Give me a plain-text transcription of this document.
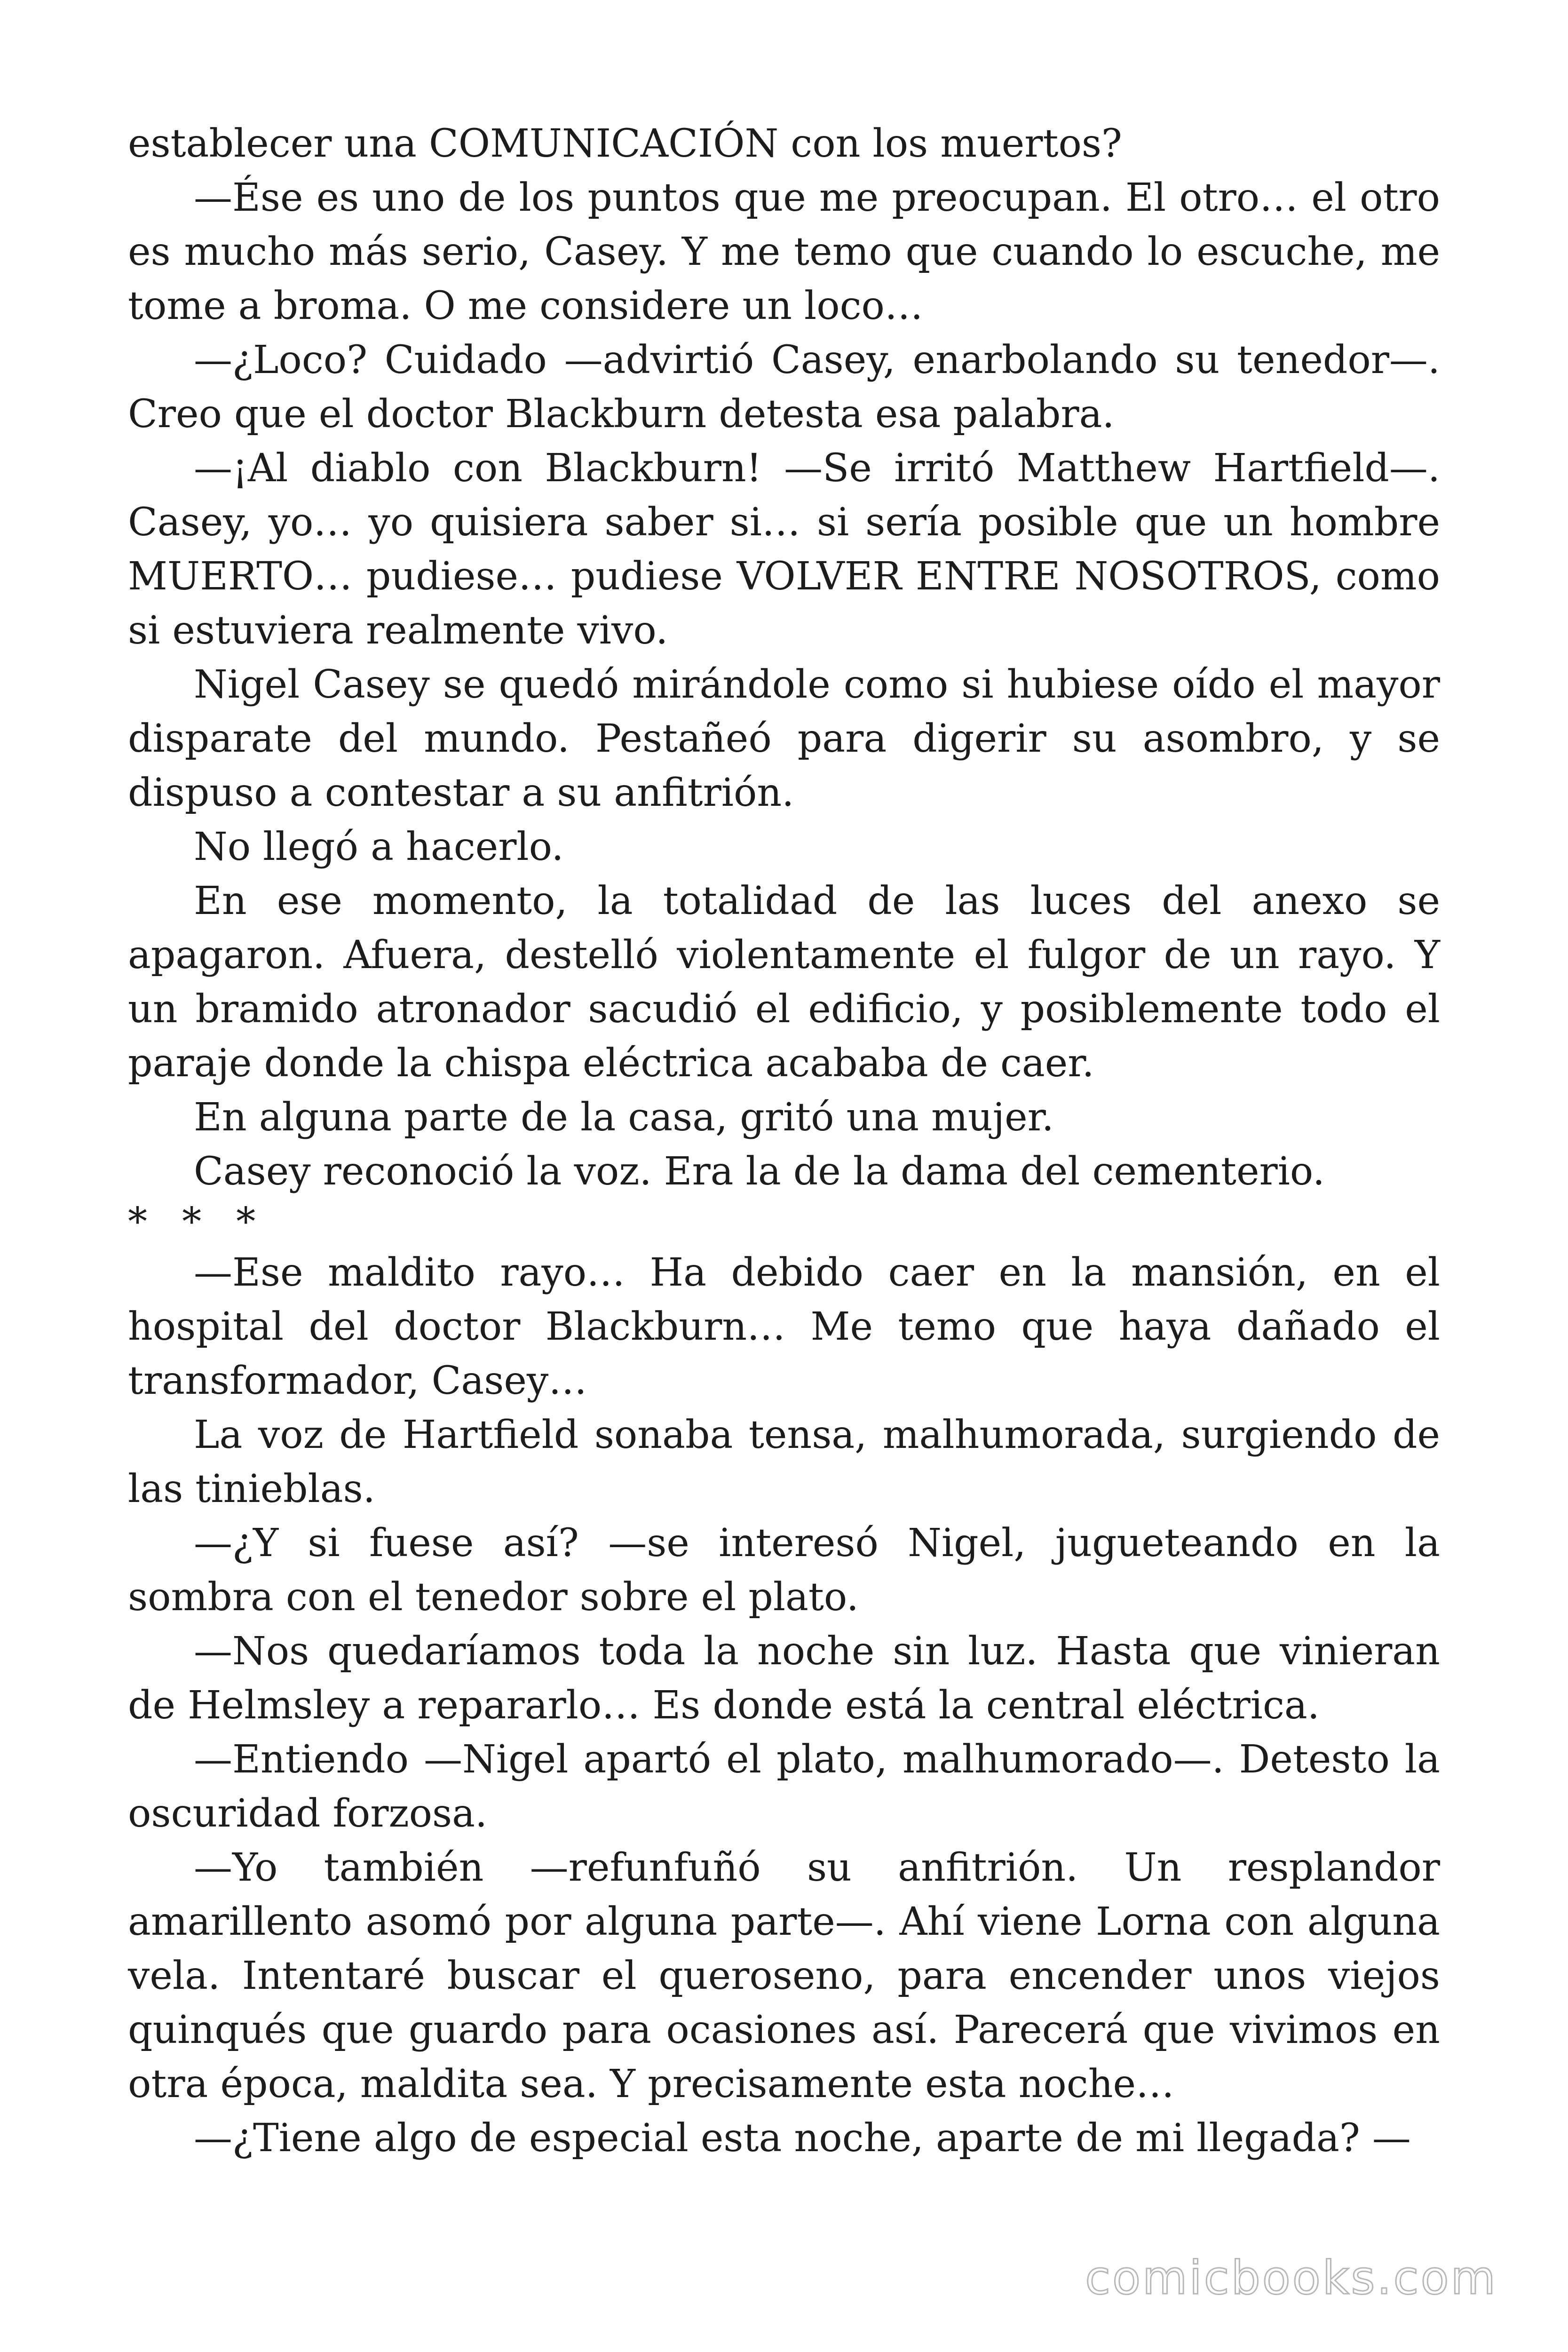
establecer una COMUNICACIÓN con los muertos?

—Ése es uno de los puntos que me preocupan. El otro… el otro es mucho más serio, Casey. Y me temo que cuando lo escuche, me tome a broma. O me considere un loco…

—¿Loco? Cuidado —advirtió Casey, enarbolando su tenedor—. Creo que el doctor Blackburn detesta esa palabra.

—¡Al diablo con Blackburn! —Se irritó Matthew Hartfield—. Casey, yo… yo quisiera saber si… si sería posible que un hombre MUERTO… pudiese… pudiese VOLVER ENTRE NOSOTROS, como si estuviera realmente vivo.

Nigel Casey se quedó mirándole como si hubiese oído el mayor disparate del mundo. Pestañeó para digerir su asombro, y se dispuso a contestar a su anfitrión.

No llegó a hacerlo.

En ese momento, la totalidad de las luces del anexo se apagaron. Afuera, destelló violentamente el fulgor de un rayo. Y un bramido atronador sacudió el edificio, y posiblemente todo el paraje donde la chispa eléctrica acababa de caer.

En alguna parte de la casa, gritó una mujer.

Casey reconoció la voz. Era la de la dama del cementerio.

* * *

—Ese maldito rayo… Ha debido caer en la mansión, en el hospital del doctor Blackburn… Me temo que haya dañado el transformador, Casey…

La voz de Hartfield sonaba tensa, malhumorada, surgiendo de las tinieblas.

—¿Y si fuese así? —se interesó Nigel, jugueteando en la sombra con el tenedor sobre el plato.

—Nos quedaríamos toda la noche sin luz. Hasta que vinieran de Helmsley a repararlo… Es donde está la central eléctrica.

—Entiendo —Nigel apartó el plato, malhumorado—. Detesto la oscuridad forzosa.

—Yo también —refunfuñó su anfitrión. Un resplandor amarillento asomó por alguna parte—. Ahí viene Lorna con alguna vela. Intentaré buscar el queroseno, para encender unos viejos quinqués que guardo para ocasiones así. Parecerá que vivimos en otra época, maldita sea. Y precisamente esta noche…

—¿Tiene algo de especial esta noche, aparte de mi llegada? —

comicbooks.com
